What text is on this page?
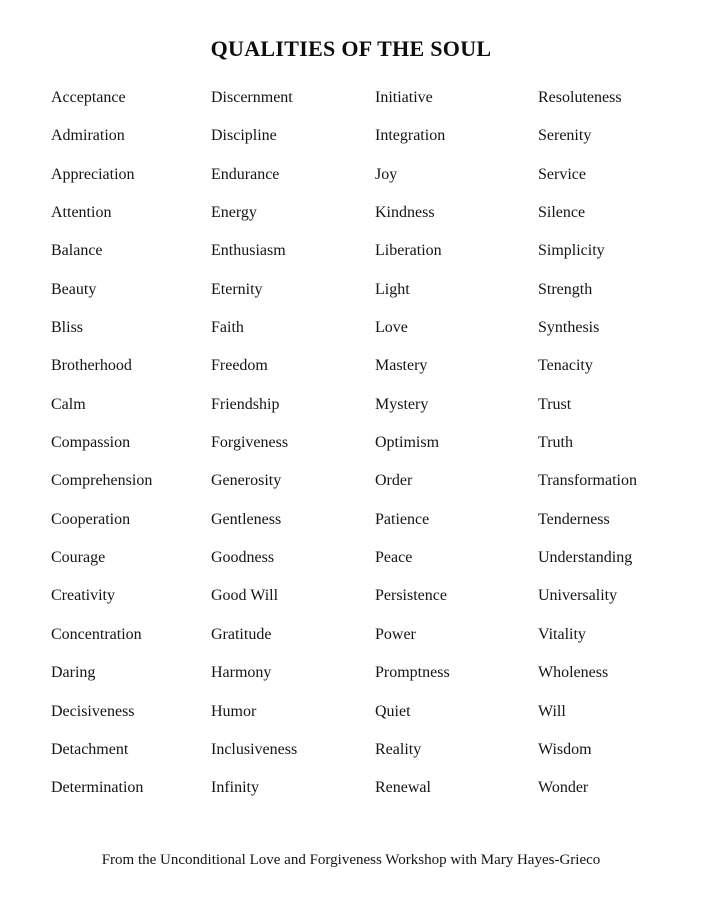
QUALITIES OF THE SOUL
Acceptance
Admiration
Appreciation
Attention
Balance
Beauty
Bliss
Brotherhood
Calm
Compassion
Comprehension
Cooperation
Courage
Creativity
Concentration
Daring
Decisiveness
Detachment
Determination
Discernment
Discipline
Endurance
Energy
Enthusiasm
Eternity
Faith
Freedom
Friendship
Forgiveness
Generosity
Gentleness
Goodness
Good Will
Gratitude
Harmony
Humor
Inclusiveness
Infinity
Initiative
Integration
Joy
Kindness
Liberation
Light
Love
Mastery
Mystery
Optimism
Order
Patience
Peace
Persistence
Power
Promptness
Quiet
Reality
Renewal
Resoluteness
Serenity
Service
Silence
Simplicity
Strength
Synthesis
Tenacity
Trust
Truth
Transformation
Tenderness
Understanding
Universality
Vitality
Wholeness
Will
Wisdom
Wonder
From the Unconditional Love and Forgiveness Workshop with Mary Hayes-Grieco
